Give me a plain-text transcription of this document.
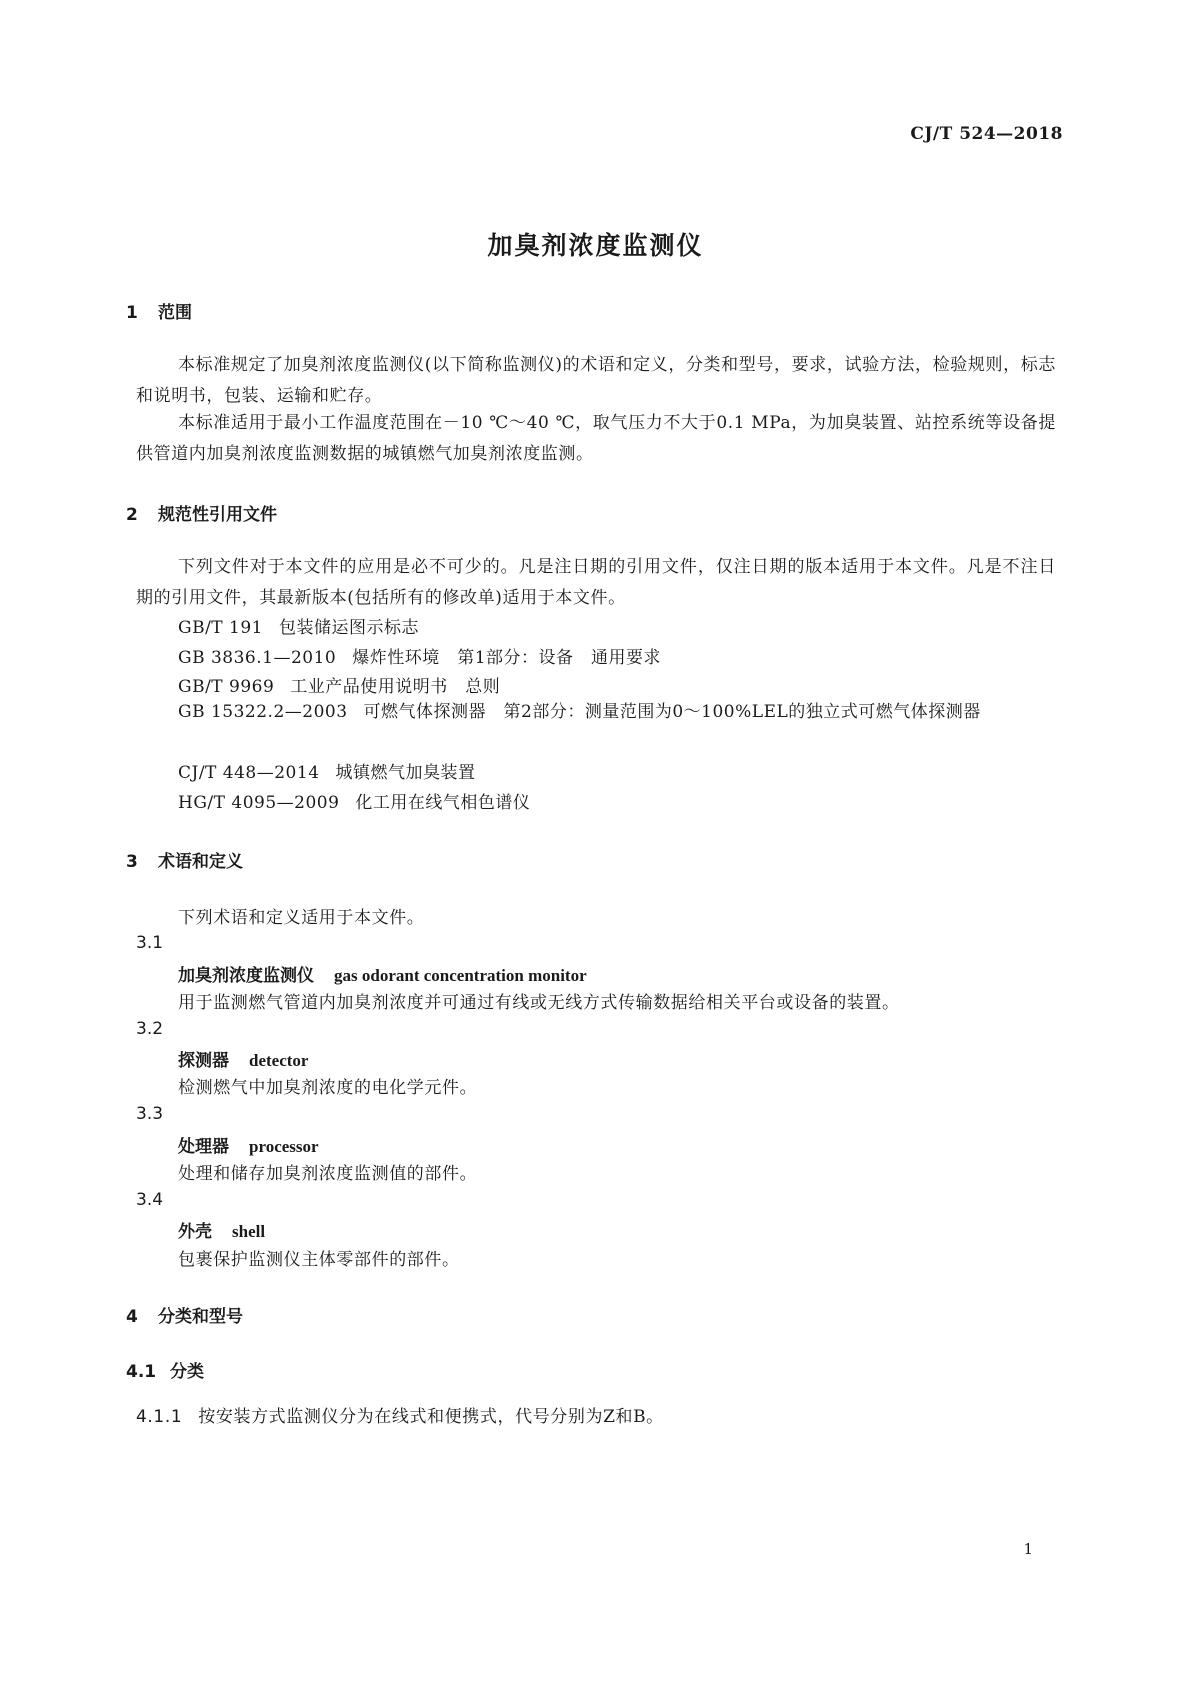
CJ/T 524—2018
加臭剂浓度监测仪
1 范围
本标准规定了加臭剂浓度监测仪(以下简称监测仪)的术语和定义，分类和型号，要求，试验方法，检验规则，标志和说明书，包装、运输和贮存。
本标准适用于最小工作温度范围在－10 ℃～40 ℃，取气压力不大于0.1 MPa，为加臭装置、站控系统等设备提供管道内加臭剂浓度监测数据的城镇燃气加臭剂浓度监测。
2 规范性引用文件
下列文件对于本文件的应用是必不可少的。凡是注日期的引用文件，仅注日期的版本适用于本文件。凡是不注日期的引用文件，其最新版本(包括所有的修改单)适用于本文件。
GB/T 191 包装储运图示标志
GB 3836.1—2010 爆炸性环境　第1部分：设备　通用要求
GB/T 9969 工业产品使用说明书　总则
GB 15322.2—2003 可燃气体探测器　第2部分：测量范围为0～100%LEL的独立式可燃气体探测器
CJ/T 448—2014 城镇燃气加臭装置
HG/T 4095—2009 化工用在线气相色谱仪
3 术语和定义
下列术语和定义适用于本文件。
3.1
加臭剂浓度监测仪 gas odorant concentration monitor
用于监测燃气管道内加臭剂浓度并可通过有线或无线方式传输数据给相关平台或设备的装置。
3.2
探测器 detector
检测燃气中加臭剂浓度的电化学元件。
3.3
处理器 processor
处理和储存加臭剂浓度监测值的部件。
3.4
外壳 shell
包裹保护监测仪主体零部件的部件。
4 分类和型号
4.1 分类
4.1.1 按安装方式监测仪分为在线式和便携式，代号分别为Z和B。
1
